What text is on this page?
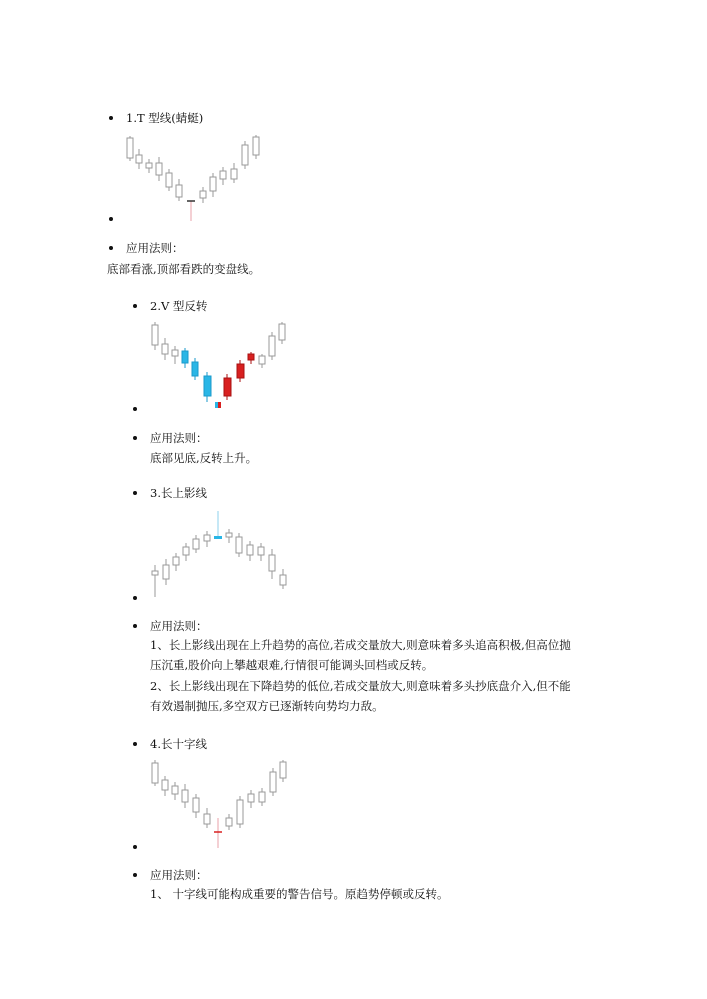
1.T 型线(蜻蜓)
应用法则：
底部看涨,顶部看跌的变盘线。
2.V 型反转
应用法则：
底部见底,反转上升。
3.长上影线
应用法则：
1、长上影线出现在上升趋势的高位,若成交量放大,则意味着多头追高积极,但高位抛
压沉重,股价向上攀越艰难,行情很可能调头回档或反转。
2、长上影线出现在下降趋势的低位,若成交量放大,则意味着多头抄底盘介入,但不能
有效遏制抛压,多空双方已逐渐转向势均力敌。
4.长十字线
应用法则：
1、 十字线可能构成重要的警告信号。原趋势停顿或反转。
